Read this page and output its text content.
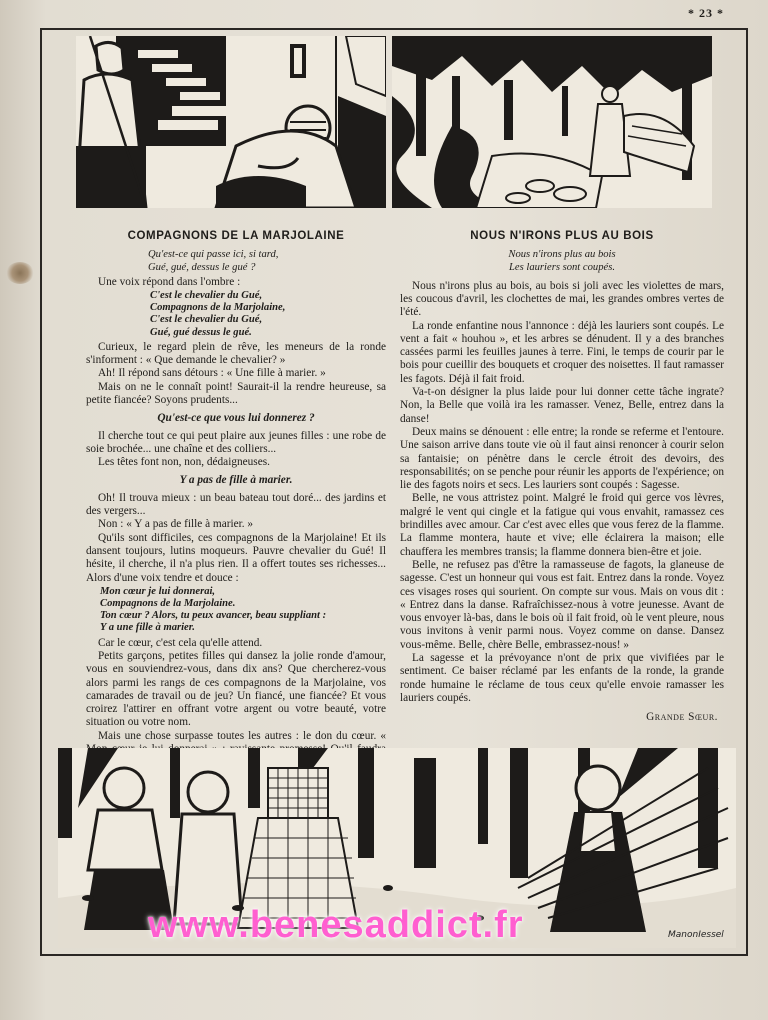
* 23 *
COMPAGNONS DE LA MARJOLAINE
Qu'est-ce qui passe ici, si tard,
Gué, gué, dessus le gué ?

Une voix répond dans l'ombre :

C'est le chevalier du Gué,
Compagnons de la Marjolaine,
C'est le chevalier du Gué,
Gué, gué dessus le gué.

Curieux, le regard plein de rêve, les meneurs de la ronde s'informent : « Que demande le chevalier? »

Ah! Il répond sans détours : « Une fille à marier. »

Mais on ne le connaît point! Saurait-il la rendre heureuse, sa petite fiancée? Soyons prudents...

Qu'est-ce que vous lui donnerez ?

Il cherche tout ce qui peut plaire aux jeunes filles : une robe de soie brochée... une chaîne et des colliers...

Les têtes font non, non, dédaigneuses.

Y a pas de fille à marier.

Oh! Il trouva mieux : un beau bateau tout doré... des jardins et des vergers...

Non : « Y a pas de fille à marier. »

Qu'ils sont difficiles, ces compagnons de la Marjolaine! Et ils dansent toujours, lutins moqueurs. Pauvre chevalier du Gué! Il hésite, il cherche, il n'a plus rien. Il a offert toutes ses richesses... Alors d'une voix tendre et douce :

Mon cœur je lui donnerai,
Compagnons de la Marjolaine.
Ton cœur ? Alors, tu peux avancer, beau suppliant :
Y a une fille à marier.

Car le cœur, c'est cela qu'elle attend.

Petits garçons, petites filles qui dansez la jolie ronde d'amour, vous en souviendrez-vous, dans dix ans? Que chercherez-vous alors parmi les rangs de ces compagnons de la Marjolaine, vos camarades de travail ou de jeu? Un fiancé, une fiancée? Et vous croirez l'attirer en offrant votre argent ou votre beauté, votre situation ou votre nom.

Mais une chose surpasse toutes les autres : le don du cœur. «

NOUS N'IRONS PLUS AU BOIS
Nous n'irons plus au bois
Les lauriers sont coupés.

Nous n'irons plus au bois, au bois si joli avec les violettes de mars, les coucous d'avril, les clochettes de mai, les grandes ombres vertes de l'été.

La ronde enfantine nous l'annonce : déjà les lauriers sont coupés. Le vent a fait « houhou », et les arbres se dénudent. Il y a des branches cassées parmi les feuilles jaunes à terre. Fini, le temps de courir par le bois pour cueillir des bouquets et croquer des noisettes. Il faut ramasser les fagots. Déjà il fait froid.

Va-t-on désigner la plus laide pour lui donner cette tâche ingrate? Non, la Belle que voilà ira les ramasser. Venez, Belle, entrez dans la danse!

Deux mains se dénouent : elle entre; la ronde se referme et l'entoure. Une saison arrive dans toute vie où il faut ainsi renoncer à courir selon sa fantaisie; on pénètre dans le cercle étroit des devoirs, des responsabilités; on se penche pour réunir les apports de l'expérience; on lie des fagots noirs et secs. Les lauriers sont coupés : Sagesse.

Belle, ne vous attristez point. Malgré le froid qui gerce vos lèvres, malgré le vent qui cingle et la fatigue qui vous envahit, ramassez ces brindilles avec amour. Car c'est avec elles que vous ferez de la flamme. La flamme montera, haute et vive; elle éclairera la maison; elle chauffera les membres transis; la flamme donnera bien-être et joie.

Belle, ne refusez pas d'être la ramasseuse de fagots, la glaneuse de sagesse. C'est un honneur qui vous est fait. Entrez dans la ronde. Voyez ces visages roses qui sourient. On compte sur vous. Mais on vous dit : « Entrez dans la danse. Rafraîchissez-nous à votre jeunesse. Avant de vous envoyer là-bas, dans le bois où il fait froid, où le vent pleure, nous vous invitons à venir parmi nous. Voyez comme on danse. Dansez vous-même. Belle, chère Belle, embrassez-nous! »

La sagesse et la prévoyance n'ont de prix que vivifiées par le sentiment. Ce baiser réclamé par les enfants de la ronde, la grande ronde humaine le réclame de tous ceux qu'elle envoie ramasser les lauriers coupés.

Grande Sœur.
ManonIessel
www.benesaddict.fr
